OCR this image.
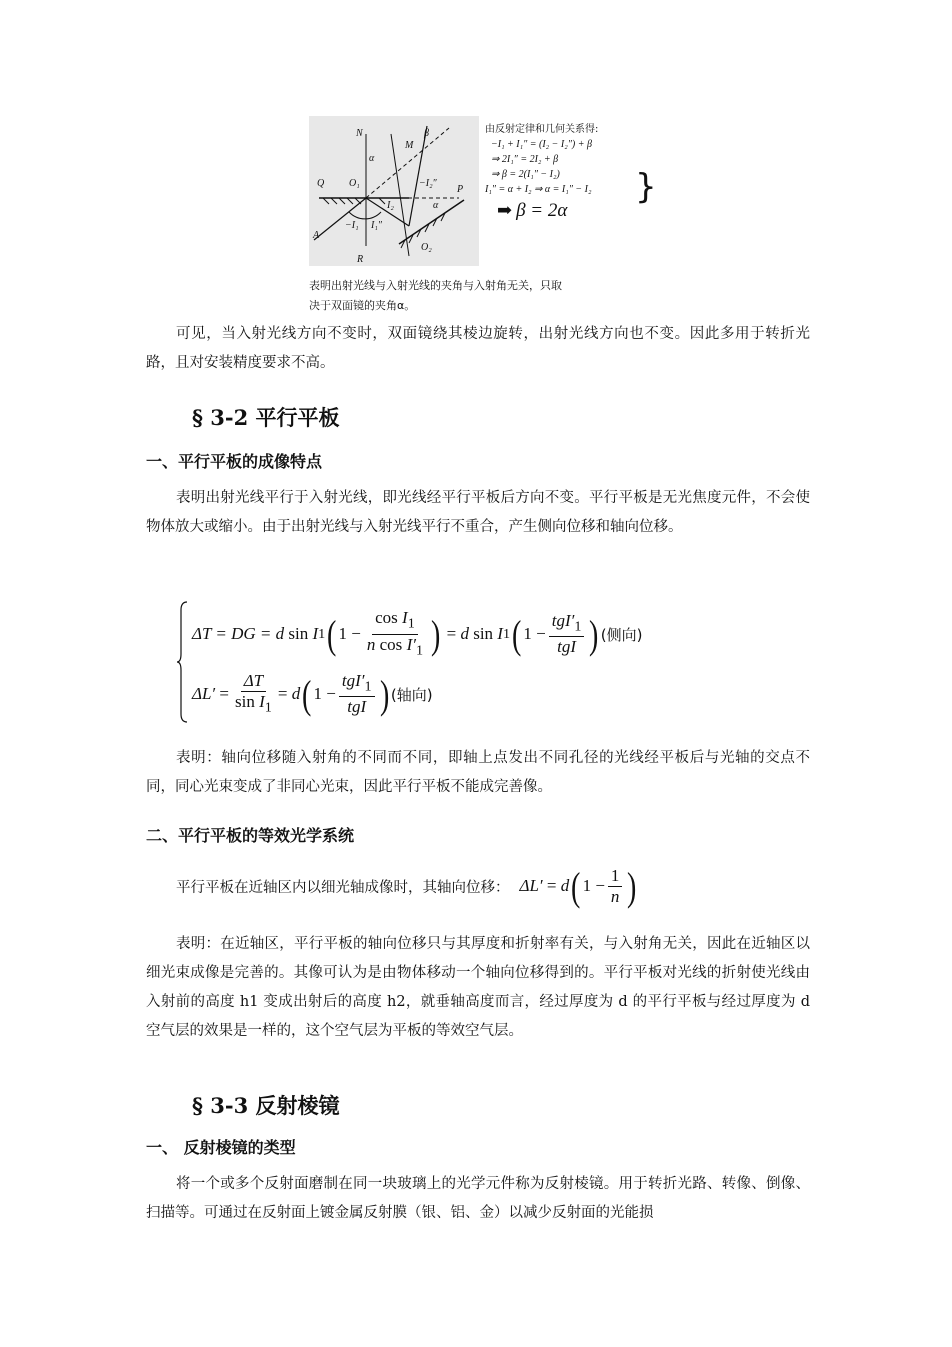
N
M
β
α
Q O₁	−I₂″
P
I₂	α
−I₁ I₁″
A
O₂
R
由反射定律和几何关系得:
−I₁ + I₁″ = (I₂ − I₂″) + β
⇒ 2I₁″ = 2I₂ + β
⇒ β = 2(I₁″ − I₂)
I₁″ = α + I₂ ⇒ α = I₁″ − I₂	}
➡ β = 2α
表明出射光线与入射光线的夹角与入射角无关，只取
决于双面镜的夹角α。
可见，当入射光线方向不变时，双面镜绕其棱边旋转，出射光线方向也不变。因此多用于转折光路，且对安装精度要求不高。
§ 3-2 平行平板
一、平行平板的成像特点
表明出射光线平行于入射光线，即光线经平行平板后方向不变。平行平板是无光焦度元件，不会使物体放大或缩小。由于出射光线与入射光线平行不重合，产生侧向位移和轴向位移。
ΔT = DG = d sin I 1 ( 1 −
$\cos I_1$
n $\cos I'_1$ ) = d sin I 1 ( 1 −
$tgI'_1$
tgI ) (侧向)
ΔL′ =
ΔT
$\sin I_1$
= d ( 1 −
$tgI'_1$
tgI ) (轴向)
表明：轴向位移随入射角的不同而不同，即轴上点发出不同孔径的光线经平板后与光轴的交点不同，同心光束变成了非同心光束，因此平行平板不能成完善像。
二、平行平板的等效光学系统
平行平板在近轴区内以细光轴成像时，其轴向位移： ΔL′ = d ( 1 −
1
n )
表明：在近轴区，平行平板的轴向位移只与其厚度和折射率有关，与入射角无关，因此在近轴区以细光束成像是完善的。其像可认为是由物体移动一个轴向位移得到的。平行平板对光线的折射使光线由入射前的高度 h1 变成出射后的高度 h2，就垂轴高度而言，经过厚度为 d 的平行平板与经过厚度为 d 空气层的效果是一样的，这个空气层为平板的等效空气层。
§ 3-3 反射棱镜
一、 反射棱镜的类型
将一个或多个反射面磨制在同一块玻璃上的光学元件称为反射棱镜。用于转折光路、转像、倒像、扫描等。可通过在反射面上镀金属反射膜（银、铝、金）以减少反射面的光能损
